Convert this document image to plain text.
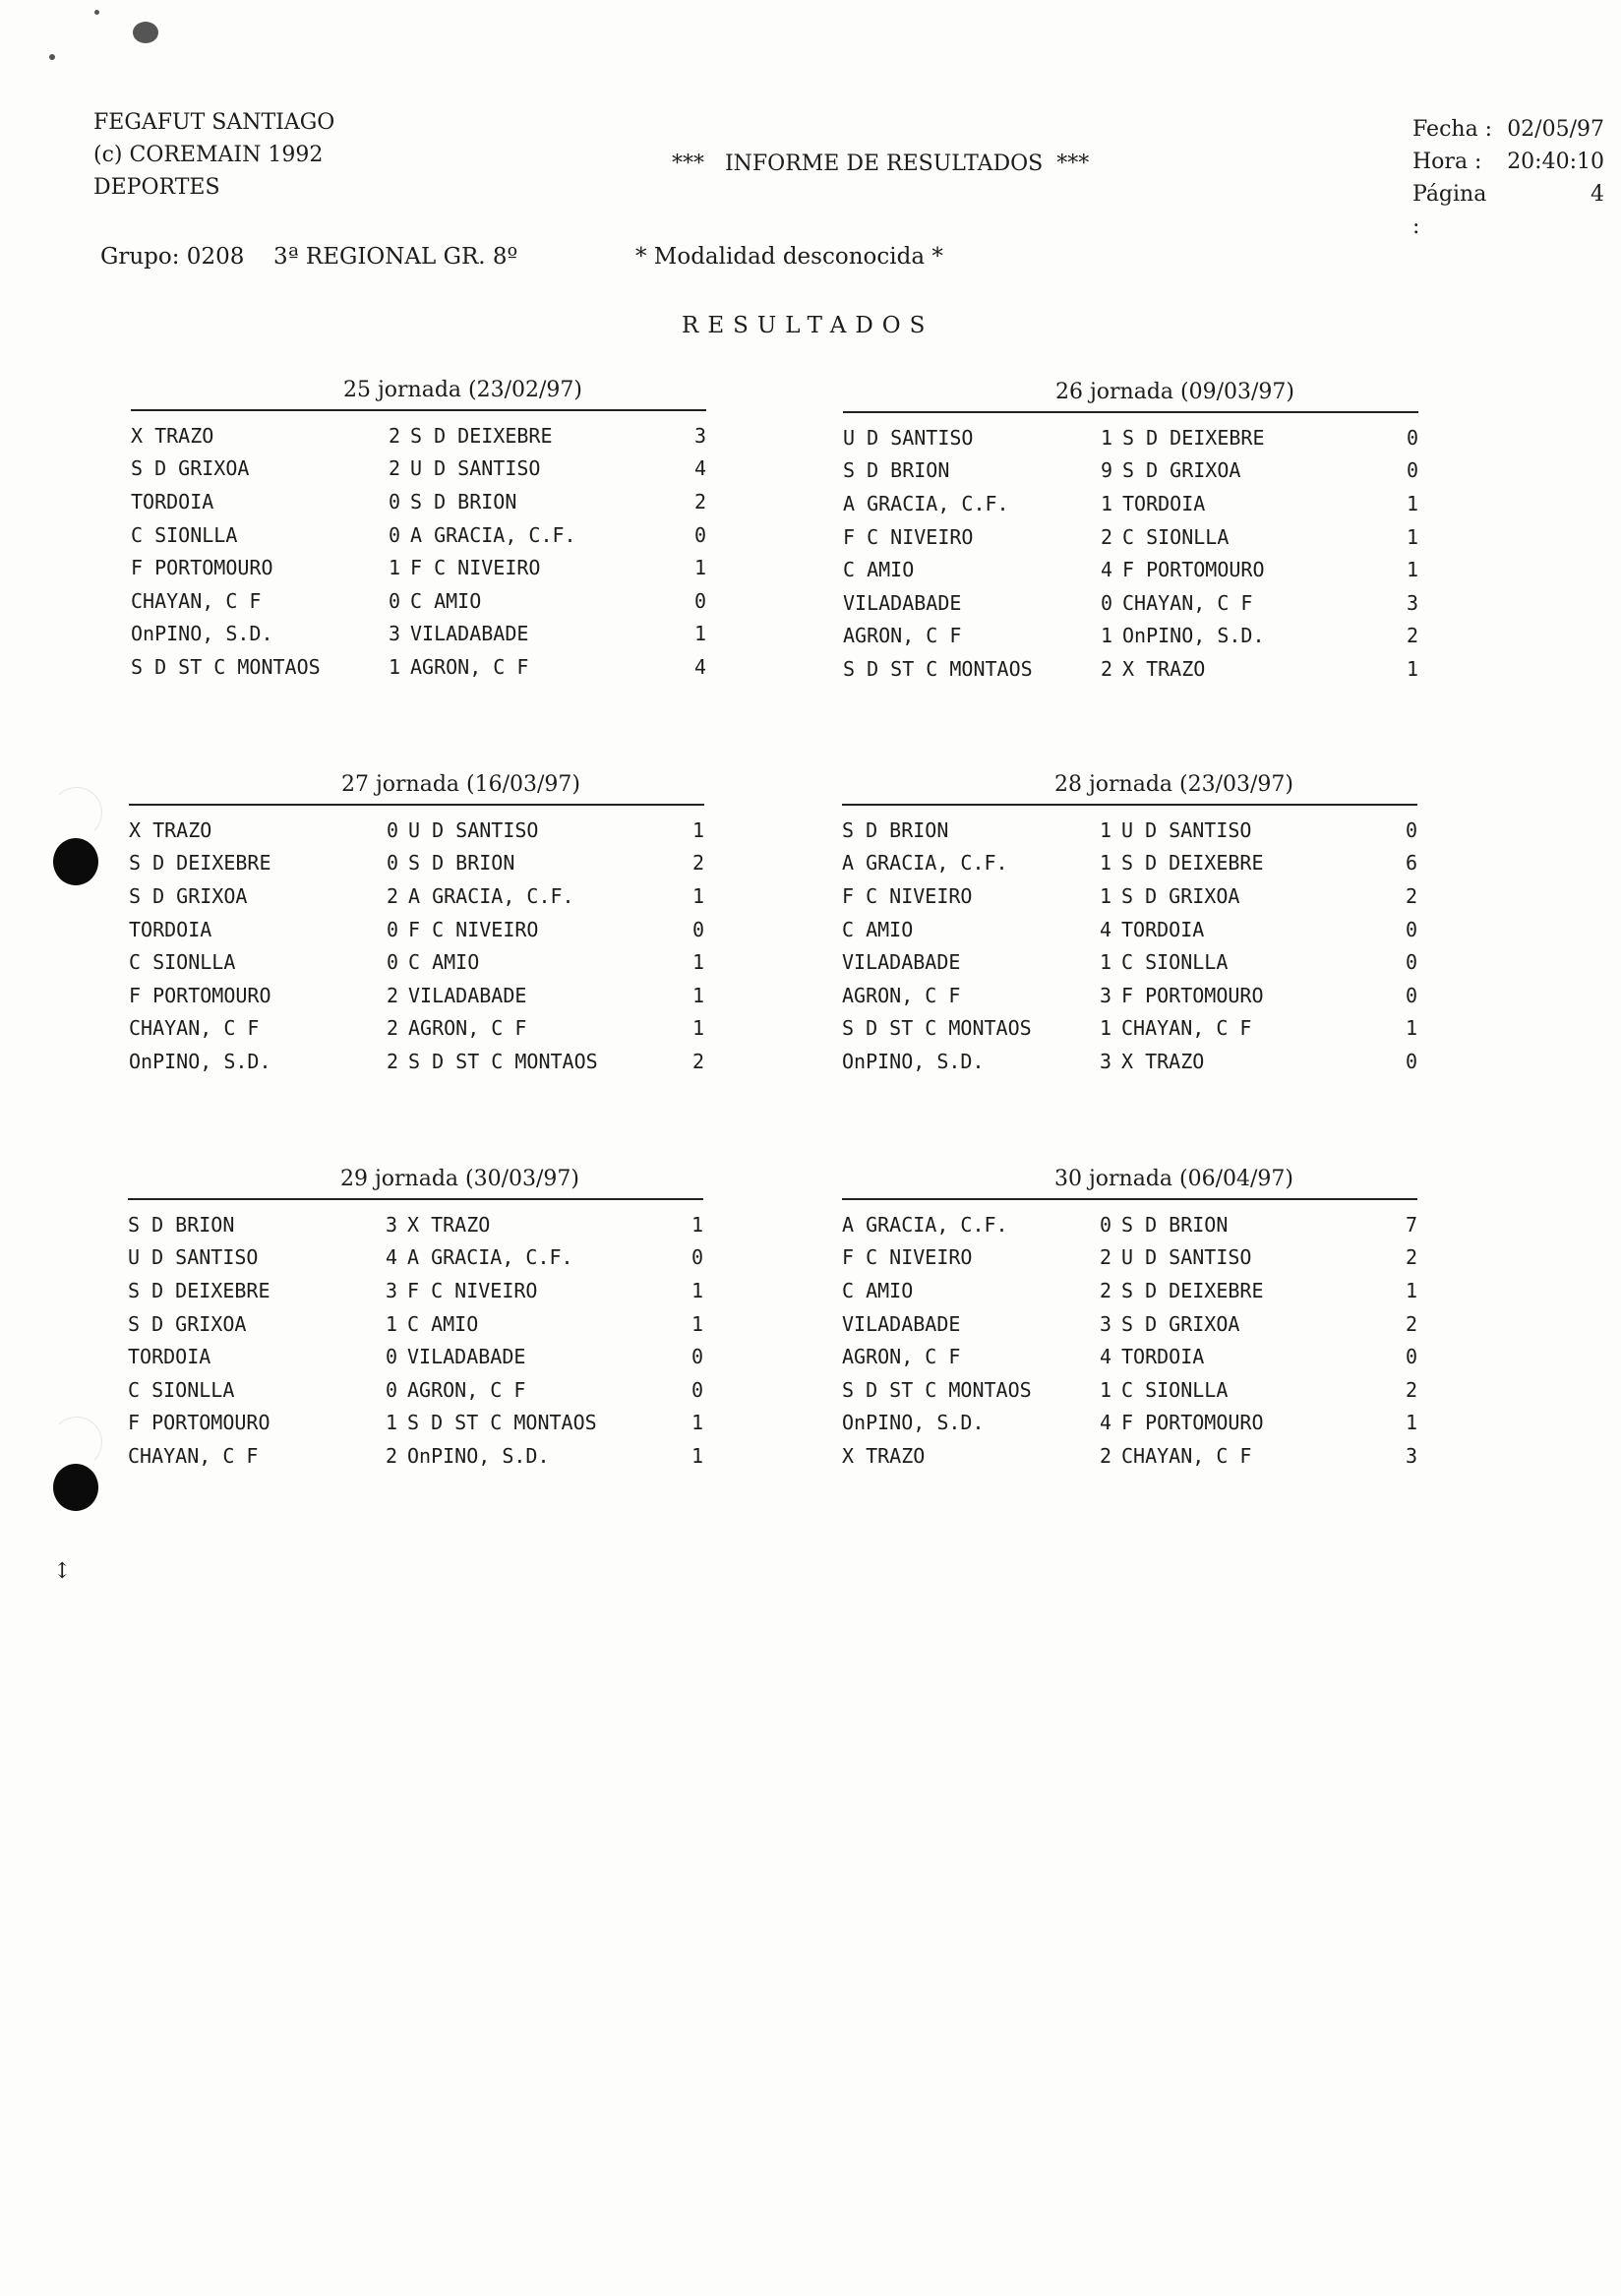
↕
FEGAFUT SANTIAGO
(c) COREMAIN 1992
DEPORTES
***   INFORME DE RESULTADOS  ***
Fecha : 02/05/97
Hora :	20:40:10
Página :
4
Grupo: 0208 3ª REGIONAL GR. 8º	* Modalidad desconocida *
RESULTADOS
25 jornada (23/02/97)
X TRAZO	2 S D DEIXEBRE	3
S D GRIXOA	2 U D SANTISO	4
TORDOIA	0 S D BRION	2
C SIONLLA	0 A GRACIA, C.F.	0
F PORTOMOURO	1 F C NIVEIRO	1
CHAYAN, C F	0 C AMIO	0
OnPINO, S.D.	3 VILADABADE	1
S D ST C MONTAOS	1 AGRON, C F	4
26 jornada (09/03/97)
U D SANTISO	1 S D DEIXEBRE	0
S D BRION	9 S D GRIXOA	0
A GRACIA, C.F.	1 TORDOIA	1
F C NIVEIRO	2 C SIONLLA	1
C AMIO	4 F PORTOMOURO	1
VILADABADE	0 CHAYAN, C F	3
AGRON, C F	1 OnPINO, S.D.	2
S D ST C MONTAOS	2 X TRAZO	1
27 jornada (16/03/97)
X TRAZO	0 U D SANTISO	1
S D DEIXEBRE	0 S D BRION	2
S D GRIXOA	2 A GRACIA, C.F.	1
TORDOIA	0 F C NIVEIRO	0
C SIONLLA	0 C AMIO	1
F PORTOMOURO	2 VILADABADE	1
CHAYAN, C F	2 AGRON, C F	1
OnPINO, S.D.	2 S D ST C MONTAOS	2
28 jornada (23/03/97)
S D BRION	1 U D SANTISO	0
A GRACIA, C.F.	1 S D DEIXEBRE	6
F C NIVEIRO	1 S D GRIXOA	2
C AMIO	4 TORDOIA	0
VILADABADE	1 C SIONLLA	0
AGRON, C F	3 F PORTOMOURO	0
S D ST C MONTAOS	1 CHAYAN, C F	1
OnPINO, S.D.	3 X TRAZO	0
29 jornada (30/03/97)
S D BRION	3 X TRAZO	1
U D SANTISO	4 A GRACIA, C.F.	0
S D DEIXEBRE	3 F C NIVEIRO	1
S D GRIXOA	1 C AMIO	1
TORDOIA	0 VILADABADE	0
C SIONLLA	0 AGRON, C F	0
F PORTOMOURO	1 S D ST C MONTAOS	1
CHAYAN, C F	2 OnPINO, S.D.	1
30 jornada (06/04/97)
A GRACIA, C.F.	0 S D BRION	7
F C NIVEIRO	2 U D SANTISO	2
C AMIO	2 S D DEIXEBRE	1
VILADABADE	3 S D GRIXOA	2
AGRON, C F	4 TORDOIA	0
S D ST C MONTAOS	1 C SIONLLA	2
OnPINO, S.D.	4 F PORTOMOURO	1
X TRAZO	2 CHAYAN, C F	3
